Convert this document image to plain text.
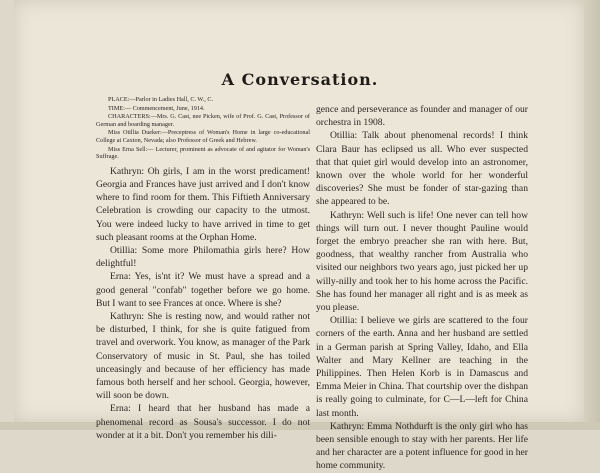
A Conversation.
PLACE:—Parlor in Ladies Hall, C. W., C.
TIME:— Commencement, June, 1914.
CHARACTERS:—Mrs. G. Cast, nee Picken, wife of Prof. G. Cast, Professor of German and boarding manager.
Miss Otillia Dueker:—Preceptress of Woman's Home in large co-educational College at Caxton, Nevada; also Professor of Greek and Hebrew.
Miss Erna Sell:— Lecturer, prominent as advocate of and agitator for Woman's Suffrage.

Kathryn: Oh girls, I am in the worst predicament! Georgia and Frances have just arrived and I don't know where to find room for them. This Fiftieth Anniversary Celebration is crowding our capacity to the utmost. You were indeed lucky to have arrived in time to get such pleasant rooms at the Orphan Home.

Otillia: Some more Philomathia girls here? How delightful!

Erna: Yes, is'nt it? We must have a spread and a good general "confab" together before we go home. But I want to see Frances at once. Where is she?

Kathryn: She is resting now, and would rather not be disturbed, I think, for she is quite fatigued from travel and overwork. You know, as manager of the Park Conservatory of music in St. Paul, she has toiled unceasingly and because of her efficiency has made famous both herself and her school. Georgia, however, will soon be down.

Erna: I heard that her husband has made a phenomenal record as Sousa's successor. I do not wonder at it a bit. Don't you remember his dili-

gence and perseverance as founder and manager of our orchestra in 1908.

Otillia: Talk about phenomenal records! I think Clara Baur has eclipsed us all. Who ever suspected that that quiet girl would develop into an astronomer, known over the whole world for her wonderful discoveries? She must be fonder of star-gazing than she appeared to be.

Kathryn: Well such is life! One never can tell how things will turn out. I never thought Pauline would forget the embryo preacher she ran with here. But, goodness, that wealthy rancher from Australia who visited our neighbors two years ago, just picked her up willy-nilly and took her to his home across the Pacific. She has found her manager all right and is as meek as you please.

Otillia: I believe we girls are scattered to the four corners of the earth. Anna and her husband are settled in a German parish at Spring Valley, Idaho, and Ella Walter and Mary Kellner are teaching in the Philippines. Then Helen Korb is in Damascus and Emma Meier in China. That courtship over the dishpan is really going to culminate, for C—L—left for China last month.

Kathryn: Emma Nothdurft is the only girl who has been sensible enough to stay with her parents. Her life and her character are a potent influence for good in her home community.
